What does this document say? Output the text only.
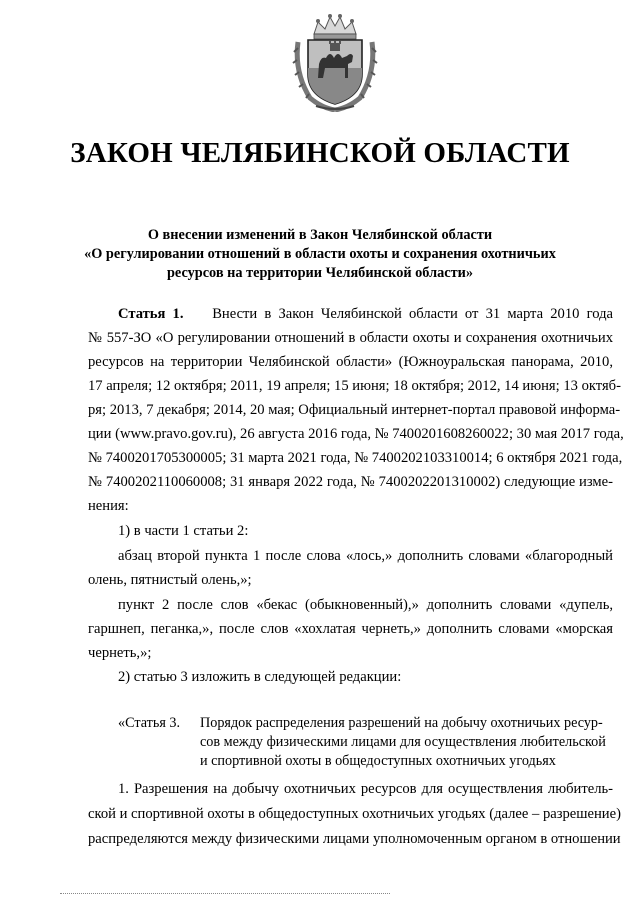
ЗАКОН ЧЕЛЯБИНСКОЙ ОБЛАСТИ
О внесении изменений в Закон Челябинской области
«О регулировании отношений в области охоты и сохранения охотничьих
ресурсов на территории Челябинской области»
Статья 1. Внести в Закон Челябинской области от 31 марта 2010 года
№ 557-ЗО «О регулировании отношений в области охоты и сохранения охотничьих
ресурсов на территории Челябинской области» (Южноуральская панорама, 2010,
17 апреля; 12 октября; 2011, 19 апреля; 15 июня; 18 октября; 2012, 14 июня; 13 октяб-
ря; 2013, 7 декабря; 2014, 20 мая; Официальный интернет-портал правовой информа-
ции (www.pravo.gov.ru), 26 августа 2016 года, № 7400201608260022; 30 мая 2017 года,
№ 7400201705300005; 31 марта 2021 года, № 7400202103310014; 6 октября 2021 года,
№ 7400202110060008; 31 января 2022 года, № 7400202201310002) следующие изме-
нения:
1) в части 1 статьи 2:
абзац второй пункта 1 после слова «лось,» дополнить словами «благородный
олень, пятнистый олень,»;
пункт 2 после слов «бекас (обыкновенный),» дополнить словами «дупель,
гаршнеп, пеганка,», после слов «хохлатая чернеть,» дополнить словами «морская
чернеть,»;
2) статью 3 изложить в следующей редакции:
«Статья 3. Порядок распределения разрешений на добычу охотничьих ресур-
сов между физическими лицами для осуществления любительской
и спортивной охоты в общедоступных охотничьих угодьях
1. Разрешения на добычу охотничьих ресурсов для осуществления любитель-
ской и спортивной охоты в общедоступных охотничьих угодьях (далее – разрешение)
распределяются между физическими лицами уполномоченным органом в отношении
